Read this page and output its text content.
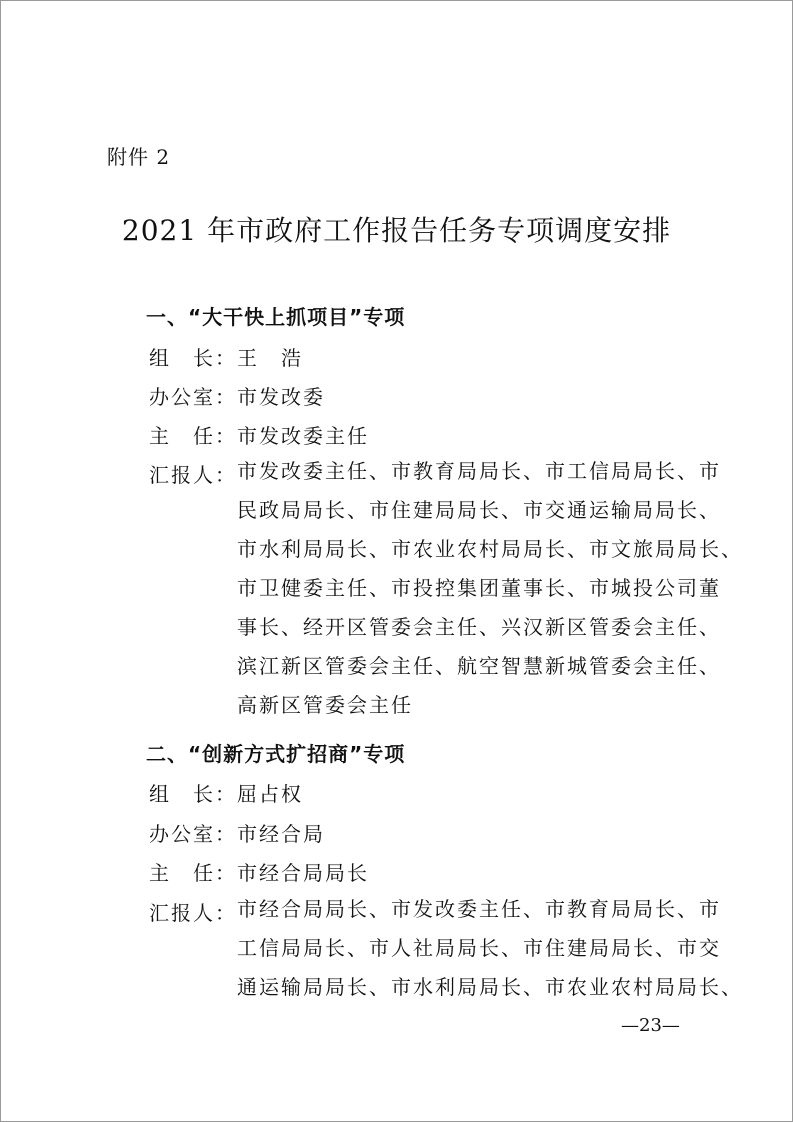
附件 2
2021 年市政府工作报告任务专项调度安排
一、“大干快上抓项目”专项
组　长：王　浩
办公室：市发改委
主　任：市发改委主任
汇报人： 市发改委主任、市教育局局长、市工信局局长、市
民政局局长、市住建局局长、市交通运输局局长、
市水利局局长、市农业农村局局长、市文旅局局长、
市卫健委主任、市投控集团董事长、市城投公司董
事长、经开区管委会主任、兴汉新区管委会主任、
滨江新区管委会主任、航空智慧新城管委会主任、
高新区管委会主任
二、“创新方式扩招商”专项
组　长：屈占权
办公室：市经合局
主　任：市经合局局长
汇报人： 市经合局局长、市发改委主任、市教育局局长、市
工信局局长、市人社局局长、市住建局局长、市交
通运输局局长、市水利局局长、市农业农村局局长、
—23—
